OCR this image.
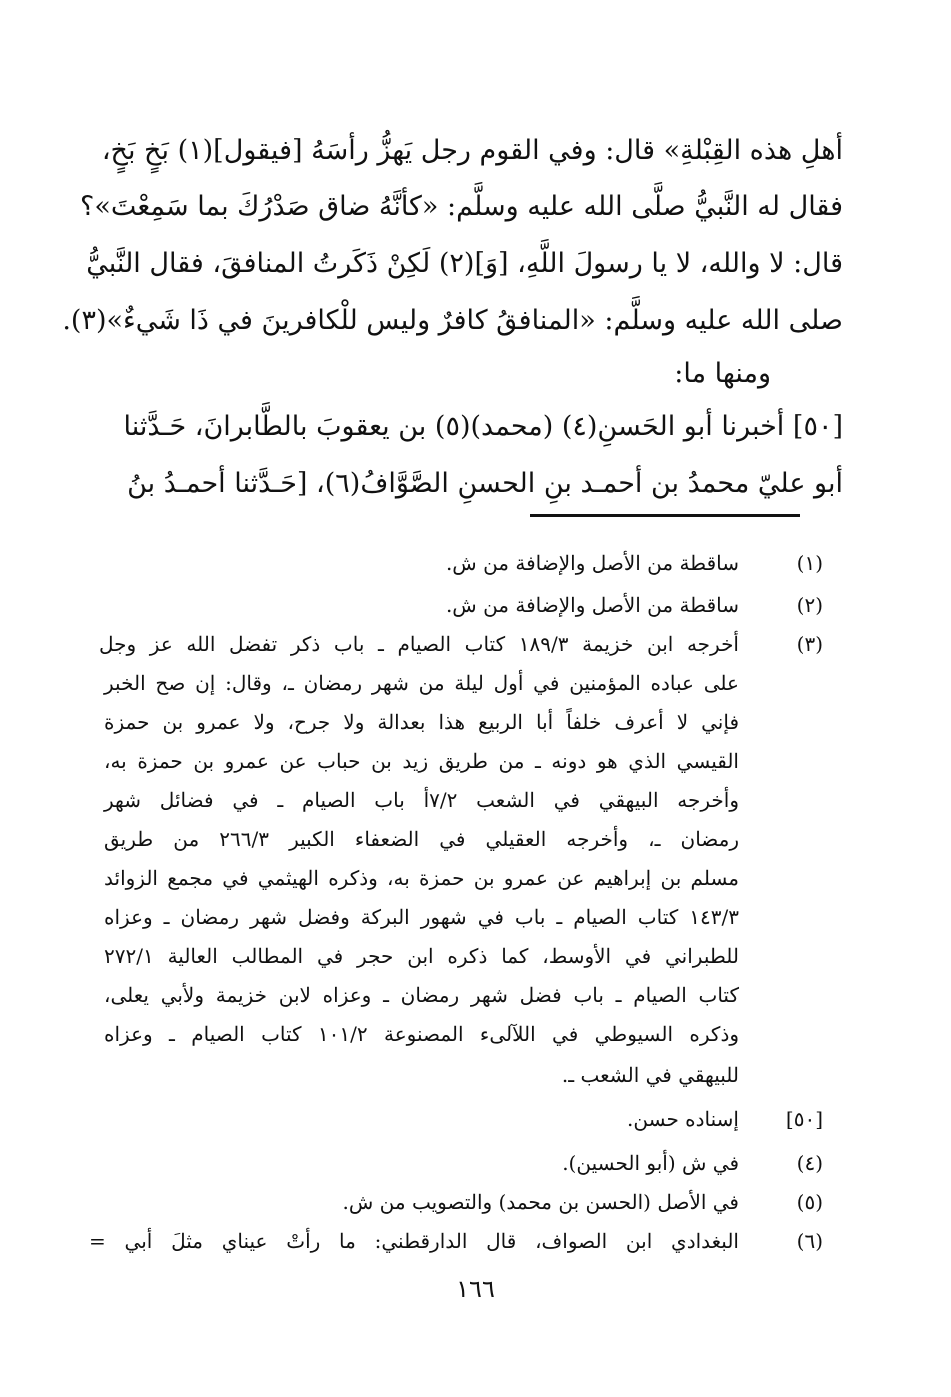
أهلِ هذه القِبْلةِ» قال: وفي القوم رجل يَهزُّ رأسَهُ [فيقول](١) بَخٍ بَخٍ،
فقال له النَّبيُّ صلَّى الله عليه وسلَّم: «كأنَّهُ ضاق صَدْرُكَ بما سَمِعْتَ»؟
قال: لا والله، لا يا رسولَ اللَّهِ، [وَ](٢) لَكِنْ ذَكَرتُ المنافقَ، فقال النَّبيُّ
صلى الله عليه وسلَّم: «المنافقُ كافرٌ وليس للْكافرينَ في ذَا شَيءٌ»(٣).
ومنها ما:
[٥٠] أخبرنا أبو الحَسنِ(٤) (محمد)(٥) بن يعقوبَ بالطَّابرانَ، حَـدَّثنا
أبو عليّ محمدُ بن أحمـد بنِ الحسنِ الصَّوَّافُ(٦)، [حَـدَّثنا أحمـدُ بنُ
(١)
ساقطة من الأصل والإضافة من ش.
(٢)
ساقطة من الأصل والإضافة من ش.
(٣)
أخرجه ابن خزيمة ١٨٩/٣ كتاب الصيام ـ باب ذكر تفضل الله عز وجل
على عباده المؤمنين في أول ليلة من شهر رمضان ـ، وقال: إن صح الخبر
فإني لا أعرف خلفاً أبا الربيع هذا بعدالة ولا جرح، ولا عمرو بن حمزة
القيسي الذي هو دونه ـ من طريق زيد بن حباب عن عمرو بن حمزة به،
وأخرجه البيهقي في الشعب ٧/٢أ باب الصيام ـ في فضائل شهر
رمضان ـ، وأخرجه العقيلي في الضعفاء الكبير ٢٦٦/٣ من طريق
مسلم بن إبراهيم عن عمرو بن حمزة به، وذكره الهيثمي في مجمع الزوائد
١٤٣/٣ كتاب الصيام ـ باب في شهور البركة وفضل شهر رمضان ـ وعزاه
للطبراني في الأوسط، كما ذكره ابن حجر في المطالب العالية ٢٧٢/١
كتاب الصيام ـ باب فضل شهر رمضان ـ وعزاه لابن خزيمة ولأبي يعلى،
وذكره السيوطي في اللآلىء المصنوعة ١٠١/٢ كتاب الصيام ـ وعزاه
للبيهقي في الشعب ـ.
[٥٠]
إسناده حسن.
(٤)
في ش (أبو الحسين).
(٥)
في الأصل (الحسن بن محمد) والتصويب من ش.
(٦)
البغدادي ابن الصواف، قال الدارقطني: ما رأتْ عيناي مثلَ أبي =
١٦٦
